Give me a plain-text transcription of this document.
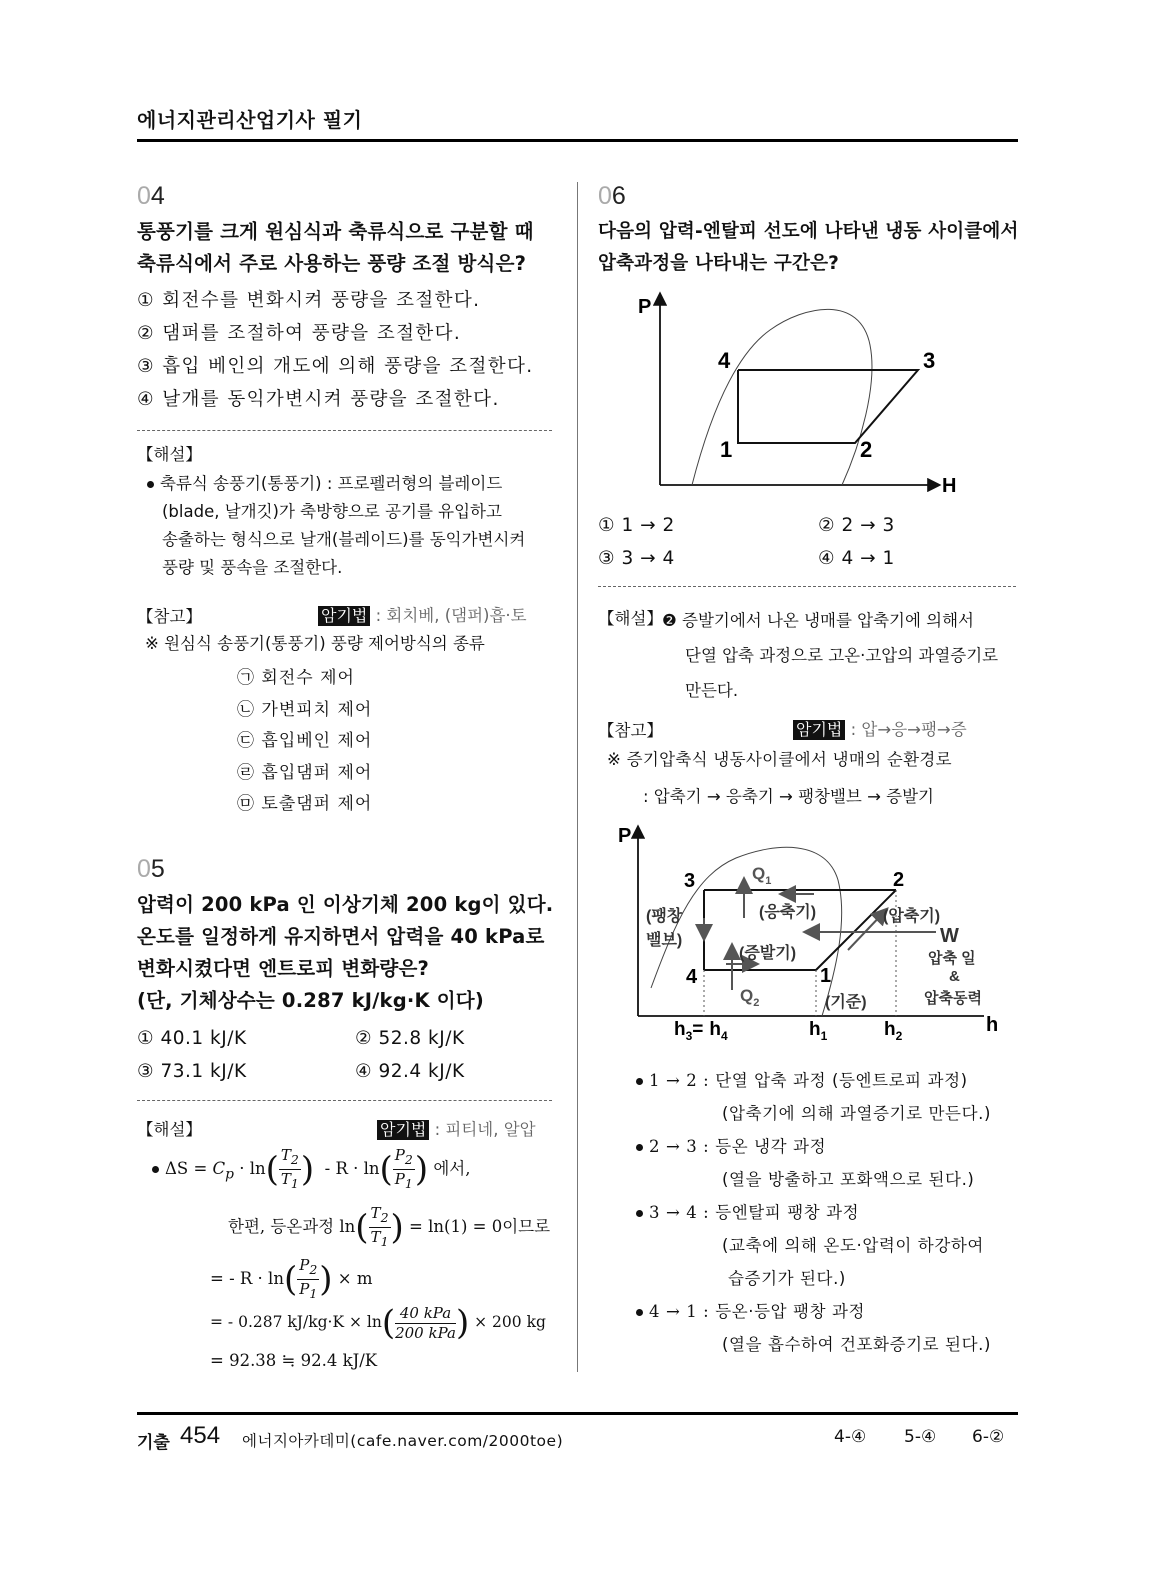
에너지관리산업기사 필기
04
통풍기를 크게 원심식과 축류식으로 구분할 때
축류식에서 주로 사용하는 풍량 조절 방식은?
① 회전수를 변화시켜 풍량을 조절한다.
② 댐퍼를 조절하여 풍량을 조절한다.
③ 흡입 베인의 개도에 의해 풍량을 조절한다.
④ 날개를 동익가변시켜 풍량을 조절한다.
【해설】
축류식 송풍기(통풍기) : 프로펠러형의 블레이드
(blade, 날개깃)가 축방향으로 공기를 유입하고
송출하는 형식으로 날개(블레이드)를 동익가변시켜
풍량 및 풍속을 조절한다.
【참고】	암기법 : 회치베, (댐퍼)흡·토
※ 원심식 송풍기(통풍기) 풍량 제어방식의 종류
㉠ 회전수 제어
㉡ 가변피치 제어
㉢ 흡입베인 제어
㉣ 흡입댐퍼 제어
㉤ 토출댐퍼 제어
05
압력이 200 kPa 인 이상기체 200 kg이 있다.
온도를 일정하게 유지하면서 압력을 40 kPa로
변화시켰다면 엔트로피 변화량은?
(단, 기체상수는 0.287 kJ/kg·K 이다)
① 40.1 kJ/K	② 52.8 kJ/K
③ 73.1 kJ/K	④ 92.4 kJ/K
【해설】	암기법 : 피티네, 알압
$\Delta S = C_p \cdot \ln( \frac{T_2}{T_1}$ ) - $R \cdot \ln( \frac{P_2}{P_1}$ ) 에서,
한편, 등온과정 $\ln( \frac{T_2}{T_1}$ ) = ln(1) = 0이므로
= - $R \cdot \ln( \frac{P_2}{P_1}$ ) × m
= - 0.287 $kJ/kg\cdot K \times \ln( \frac{\text{40 kPa}}{\text{200 kPa}}$ ) × 200 kg
= 92.38 ≒ 92.4 kJ/K
06
다음의 압력-엔탈피 선도에 나타낸 냉동 사이클에서
압축과정을 나타내는 구간은?
P
H
4	3
1	2
① 1 → 2	② 2 → 3
③ 3 → 4	④ 4 → 1
【해설】 ❷ 증발기에서 나온 냉매를 압축기에 의해서
단열 압축 과정으로 고온·고압의 과열증기로
만든다.
【참고】	암기법 : 압→응→팽→증
※ 증기압축식 냉동사이클에서 냉매의 순환경로
: 압축기 → 응축기 → 팽창밸브 → 증발기
P
h
3	2
4	1
$Q_1$
$Q_2$
W
(응축기)	(압축기)
(증발기)
(팽창
밸브)
(기준)
압축 일
&
압축동력
$h_3= h_4$	$h_1$	$h_2$
1 → 2 : 단열 압축 과정 (등엔트로피 과정)
(압축기에 의해 과열증기로 만든다.)
2 → 3 : 등온 냉각 과정
(열을 방출하고 포화액으로 된다.)
3 → 4 : 등엔탈피 팽창 과정
(교축에 의해 온도·압력이 하강하여
습증기가 된다.)
4 → 1 : 등온·등압 팽창 과정
(열을 흡수하여 건포화증기로 된다.)
기출 454 에너지아카데미(cafe.naver.com/2000toe)	4-④ 5-④ 6-②
